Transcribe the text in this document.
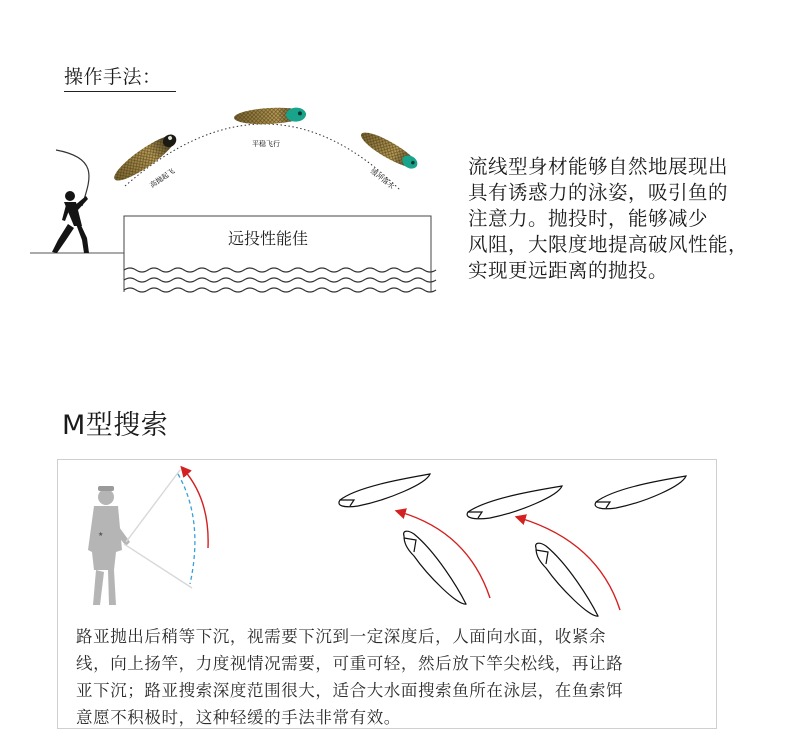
操作手法：
高抛起飞
平稳飞行
缓冲落水
远投性能佳
流线型身材能够自然地展现出
具有诱惑力的泳姿，吸引鱼的
注意力。抛投时，能够减少
风阻，大限度地提高破风性能，
实现更远距离的抛投。
M型搜索
★
路亚抛出后稍等下沉，视需要下沉到一定深度后，人面向水面，收紧余
线，向上扬竿，力度视情况需要，可重可轻，然后放下竿尖松线，再让路
亚下沉；路亚搜索深度范围很大，适合大水面搜索鱼所在泳层，在鱼索饵
意愿不积极时，这种轻缓的手法非常有效。
